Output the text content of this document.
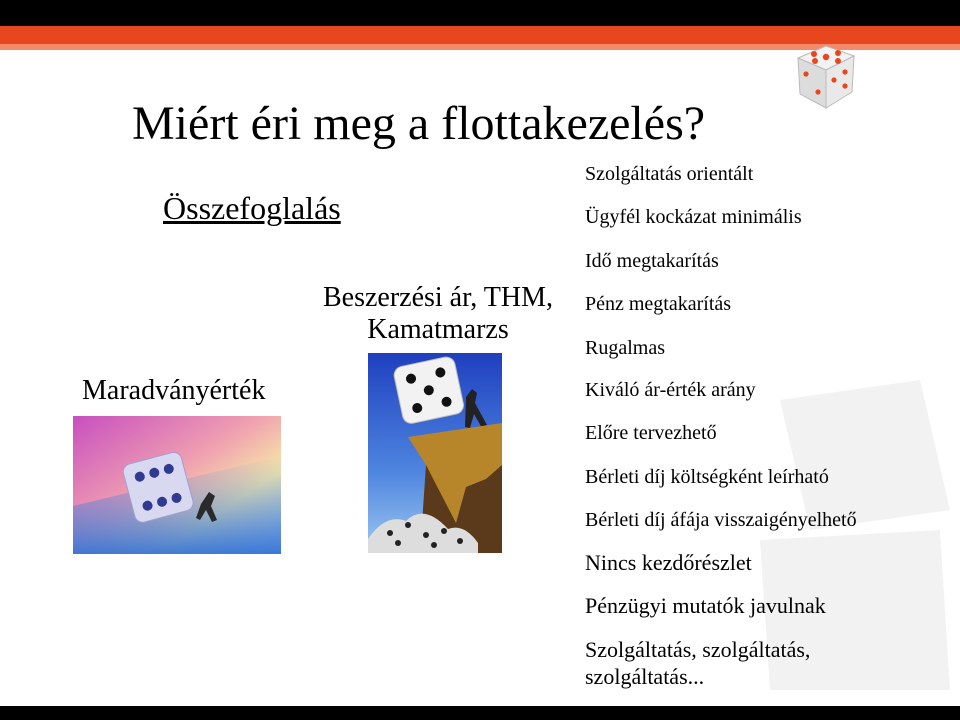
Miért éri meg a flottakezelés?
Összefoglalás
Maradványérték
Beszerzési ár, THM,
Kamatmarzs
Szolgáltatás orientált
Ügyfél kockázat minimális
Idő megtakarítás
Pénz megtakarítás
Rugalmas
Kiváló ár-érték arány
Előre tervezhető
Bérleti díj költségként leírható
Bérleti díj áfája visszaigényelhető
Nincs kezdőrészlet
Pénzügyi mutatók javulnak
Szolgáltatás, szolgáltatás,
szolgáltatás...
